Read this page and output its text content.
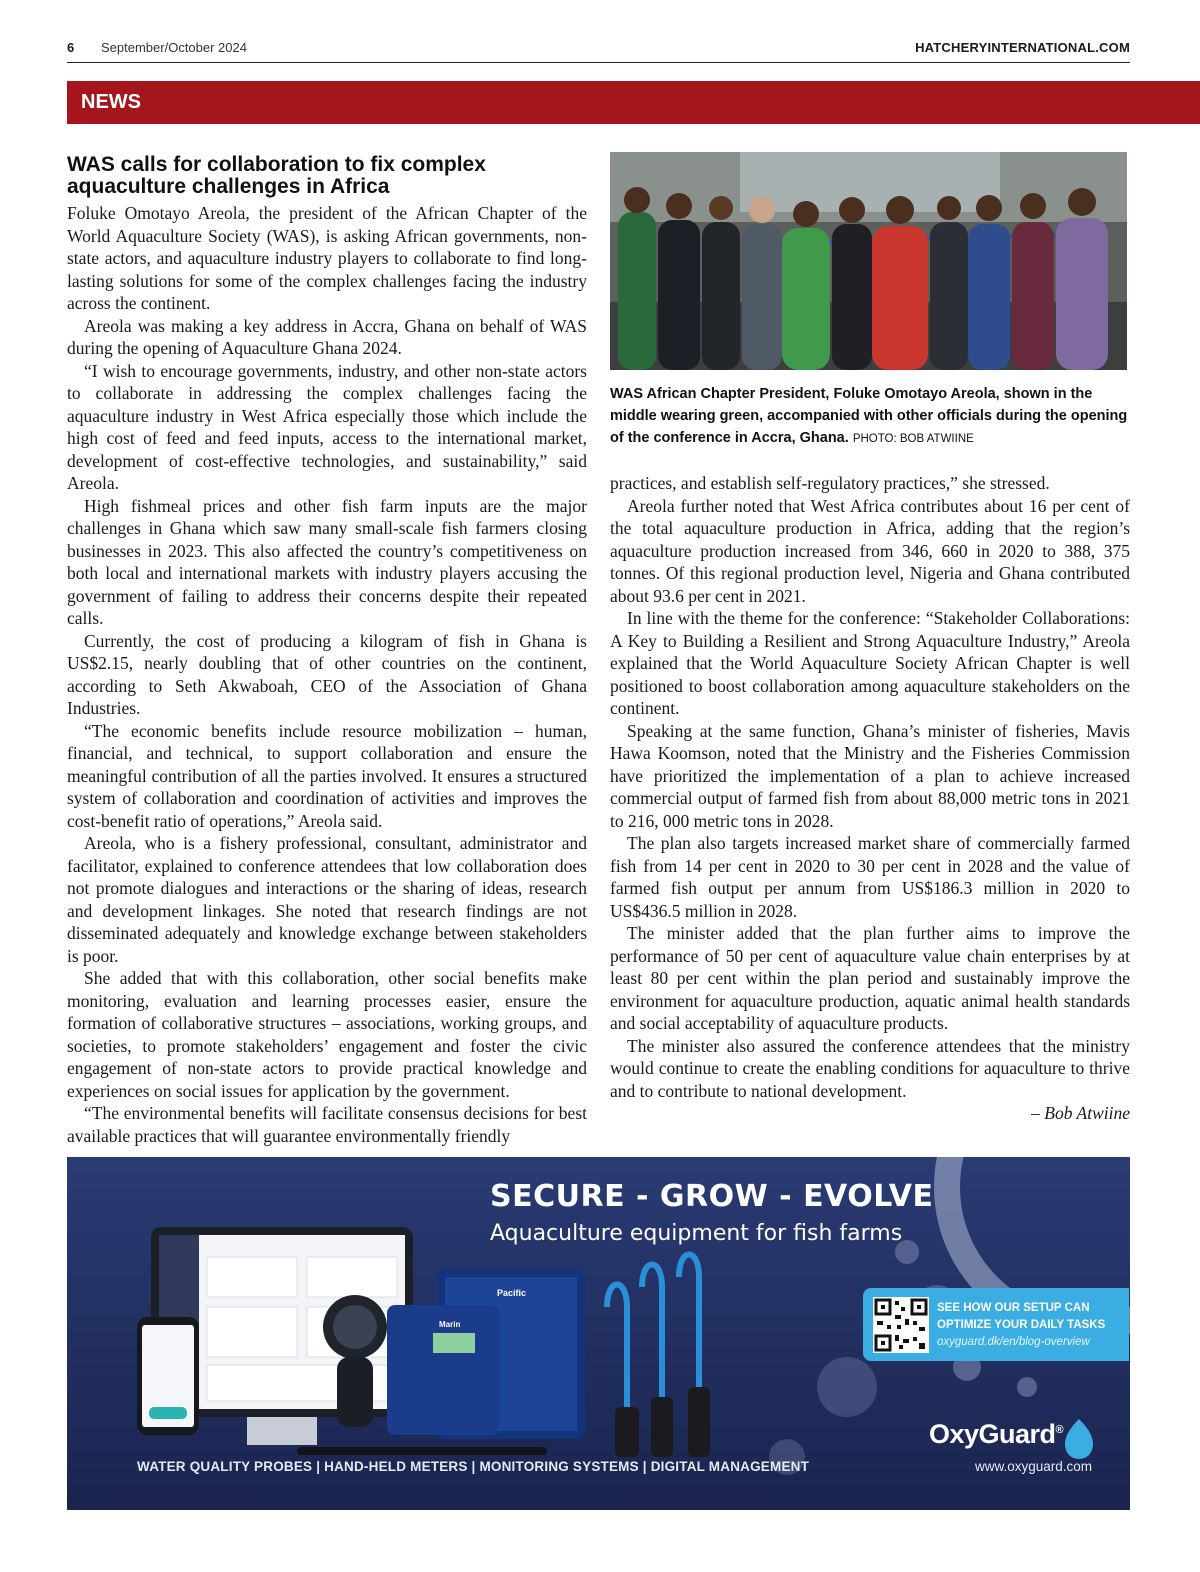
6 September/October 2024	HATCHERYINTERNATIONAL.COM
NEWS
WAS calls for collaboration to fix complex aquaculture challenges in Africa

Foluke Omotayo Areola, the president of the African Chapter of the World Aquaculture Society (WAS), is asking African governments, non-state actors, and aquaculture industry players to collaborate to find long-lasting solutions for some of the complex challenges facing the industry across the continent.

Areola was making a key address in Accra, Ghana on behalf of WAS during the opening of Aquaculture Ghana 2024.

“I wish to encourage governments, industry, and other non-state actors to collaborate in addressing the complex challenges facing the aquaculture industry in West Africa especially those which include the high cost of feed and feed inputs, access to the international market, development of cost-effective technologies, and sustainability,” said Areola.

High fishmeal prices and other fish farm inputs are the major challenges in Ghana which saw many small-scale fish farmers closing businesses in 2023. This also affected the country’s competitiveness on both local and international markets with industry players accusing the government of failing to address their concerns despite their repeated calls.

Currently, the cost of producing a kilogram of fish in Ghana is US$2.15, nearly doubling that of other countries on the continent, according to Seth Akwaboah, CEO of the Association of Ghana Industries.

“The economic benefits include resource mobilization – human, financial, and technical, to support collaboration and ensure the meaningful contribution of all the parties involved. It ensures a structured system of collaboration and coordination of activities and improves the cost-benefit ratio of operations,” Areola said.

Areola, who is a fishery professional, consultant, administrator and facilitator, explained to conference attendees that low collaboration does not promote dialogues and interactions or the sharing of ideas, research and development linkages. She noted that research findings are not disseminated adequately and knowledge exchange between stakeholders is poor.

She added that with this collaboration, other social benefits make monitoring, evaluation and learning processes easier, ensure the formation of collaborative structures – associations, working groups, and societies, to promote stakeholders’ engagement and foster the civic engagement of non-state actors to provide practical knowledge and experiences on social issues for application by the government.

“The environmental benefits will facilitate consensus decisions for best available practices that will guarantee environmentally friendly

WAS African Chapter President, Foluke Omotayo Areola, shown in the middle wearing green, accompanied with other officials during the opening of the conference in Accra, Ghana. PHOTO: BOB ATWIINE

practices, and establish self-regulatory practices,” she stressed.

Areola further noted that West Africa contributes about 16 per cent of the total aquaculture production in Africa, adding that the region’s aquaculture production increased from 346, 660 in 2020 to 388, 375 tonnes. Of this regional production level, Nigeria and Ghana contributed about 93.6 per cent in 2021.

In line with the theme for the conference: “Stakeholder Collaborations: A Key to Building a Resilient and Strong Aquaculture Industry,” Areola explained that the World Aquaculture Society African Chapter is well positioned to boost collaboration among aquaculture stakeholders on the continent.

Speaking at the same function, Ghana’s minister of fisheries, Mavis Hawa Koomson, noted that the Ministry and the Fisheries Commission have prioritized the implementation of a plan to achieve increased commercial output of farmed fish from about 88,000 metric tons in 2021 to 216, 000 metric tons in 2028.

The plan also targets increased market share of commercially farmed fish from 14 per cent in 2020 to 30 per cent in 2028 and the value of farmed fish output per annum from US$186.3 million in 2020 to US$436.5 million in 2028.

The minister added that the plan further aims to improve the performance of 50 per cent of aquaculture value chain enterprises by at least 80 per cent within the plan period and sustainably improve the environment for aquaculture production, aquatic animal health standards and social acceptability of aquaculture products.

The minister also assured the conference attendees that the ministry would continue to create the enabling conditions for aquaculture to thrive and to contribute to national development.

– Bob Atwiine

SECURE - GROW - EVOLVE
Aquaculture equipment for fish farms
Pacific
Marin
SEE HOW OUR SETUP CAN
OPTIMIZE YOUR DAILY TASKS
oxyguard.dk/en/blog-overview
OxyGuard®
WATER QUALITY PROBES | HAND-HELD METERS | MONITORING SYSTEMS | DIGITAL MANAGEMENT	www.oxyguard.com
